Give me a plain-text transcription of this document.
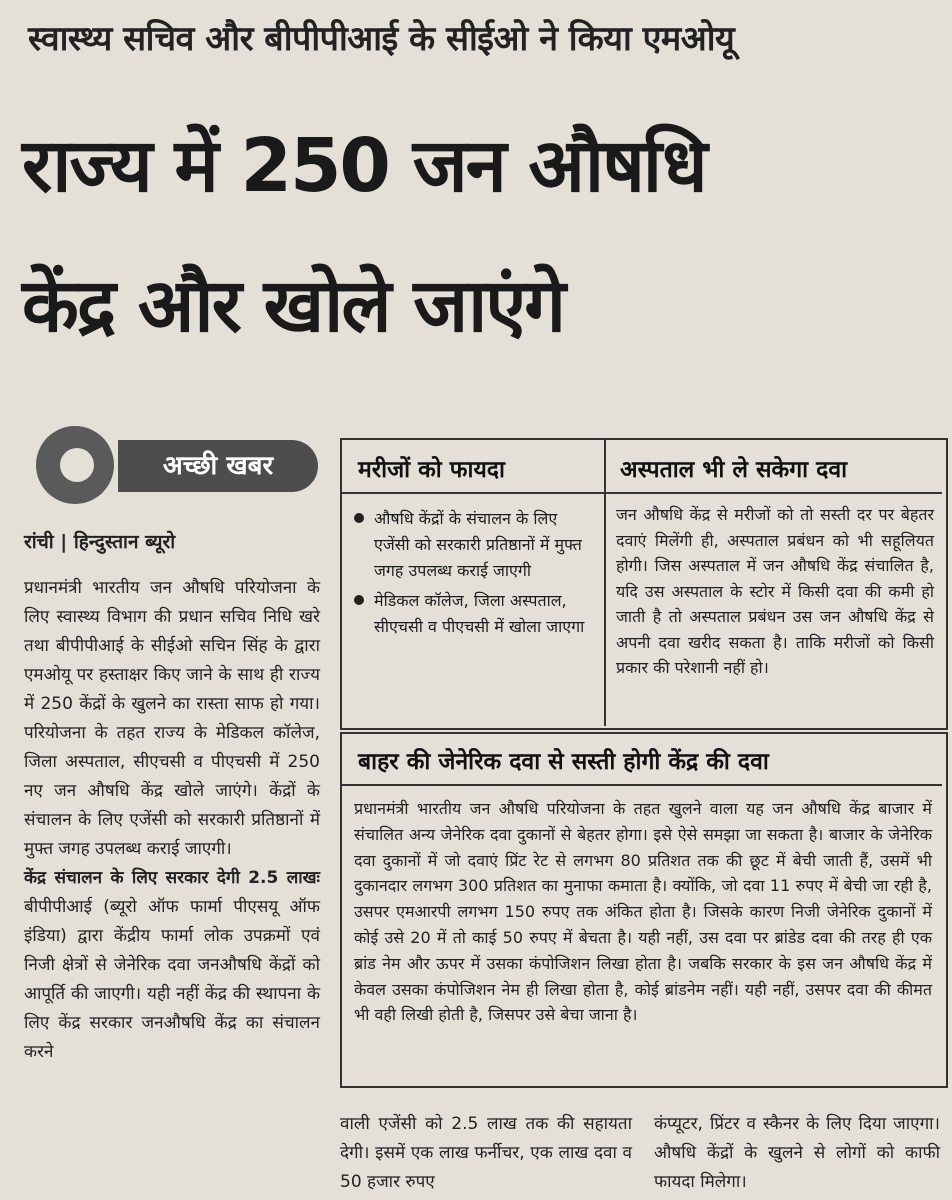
स्वास्थ्य सचिव और बीपीपीआई के सीईओ ने किया एमओयू
राज्य में 250 जन औषधि
केंद्र और खोले जाएंगे
अच्छी खबर
रांची | हिन्दुस्तान ब्यूरो
प्रधानमंत्री भारतीय जन औषधि परियोजना के लिए स्वास्थ्य विभाग की प्रधान सचिव निधि खरे तथा बीपीपीआई के सीईओ सचिन सिंह के द्वारा एमओयू पर हस्ताक्षर किए जाने के साथ ही राज्य में 250 केंद्रों के खुलने का रास्ता साफ हो गया। परियोजना के तहत राज्य के मेडिकल कॉलेज, जिला अस्पताल, सीएचसी व पीएचसी में 250 नए जन औषधि केंद्र खोले जाएंगे। केंद्रों के संचालन के लिए एजेंसी को सरकारी प्रतिष्ठानों में मुफ्त जगह उपलब्ध कराई जाएगी।
केंद्र संचालन के लिए सरकार देगी 2.5 लाखः बीपीपीआई (ब्यूरो ऑफ फार्मा पीएसयू ऑफ इंडिया) द्वारा केंद्रीय फार्मा लोक उपक्रमों एवं निजी क्षेत्रों से जेनेरिक दवा जनऔषधि केंद्रों को आपूर्ति की जाएगी। यही नहीं केंद्र की स्थापना के लिए केंद्र सरकार जनऔषधि केंद्र का संचालन करने
मरीजों को फायदा
औषधि केंद्रों के संचालन के लिए एजेंसी को सरकारी प्रतिष्ठानों में मुफ्त जगह उपलब्ध कराई जाएगी
मेडिकल कॉलेज, जिला अस्पताल, सीएचसी व पीएचसी में खोला जाएगा
अस्पताल भी ले सकेगा दवा
जन औषधि केंद्र से मरीजों को तो सस्ती दर पर बेहतर दवाएं मिलेंगी ही, अस्पताल प्रबंधन को भी सहूलियत होगी। जिस अस्पताल में जन औषधि केंद्र संचालित है, यदि उस अस्पताल के स्टोर में किसी दवा की कमी हो जाती है तो अस्पताल प्रबंधन उस जन औषधि केंद्र से अपनी दवा खरीद सकता है। ताकि मरीजों को किसी प्रकार की परेशानी नहीं हो।
बाहर की जेनेरिक दवा से सस्ती होगी केंद्र की दवा
प्रधानमंत्री भारतीय जन औषधि परियोजना के तहत खुलने वाला यह जन औषधि केंद्र बाजार में संचालित अन्य जेनेरिक दवा दुकानों से बेहतर होगा। इसे ऐसे समझा जा सकता है। बाजार के जेनेरिक दवा दुकानों में जो दवाएं प्रिंट रेट से लगभग 80 प्रतिशत तक की छूट में बेची जाती हैं, उसमें भी दुकानदार लगभग 300 प्रतिशत का मुनाफा कमाता है। क्योंकि, जो दवा 11 रुपए में बेची जा रही है, उसपर एमआरपी लगभग 150 रुपए तक अंकित होता है। जिसके कारण निजी जेनेरिक दुकानों में कोई उसे 20 में तो काई 50 रुपए में बेचता है। यही नहीं, उस दवा पर ब्रांडेड दवा की तरह ही एक ब्रांड नेम और ऊपर में उसका कंपोजिशन लिखा होता है। जबकि सरकार के इस जन औषधि केंद्र में केवल उसका कंपोजिशन नेम ही लिखा होता है, कोई ब्रांडनेम नहीं। यही नहीं, उसपर दवा की कीमत भी वही लिखी होती है, जिसपर उसे बेचा जाना है।
वाली एजेंसी को 2.5 लाख तक की सहायता देगी। इसमें एक लाख फर्नीचर, एक लाख दवा व 50 हजार रुपए
कंप्यूटर, प्रिंटर व स्कैनर के लिए दिया जाएगा। औषधि केंद्रों के खुलने से लोगों को काफी फायदा मिलेगा।
